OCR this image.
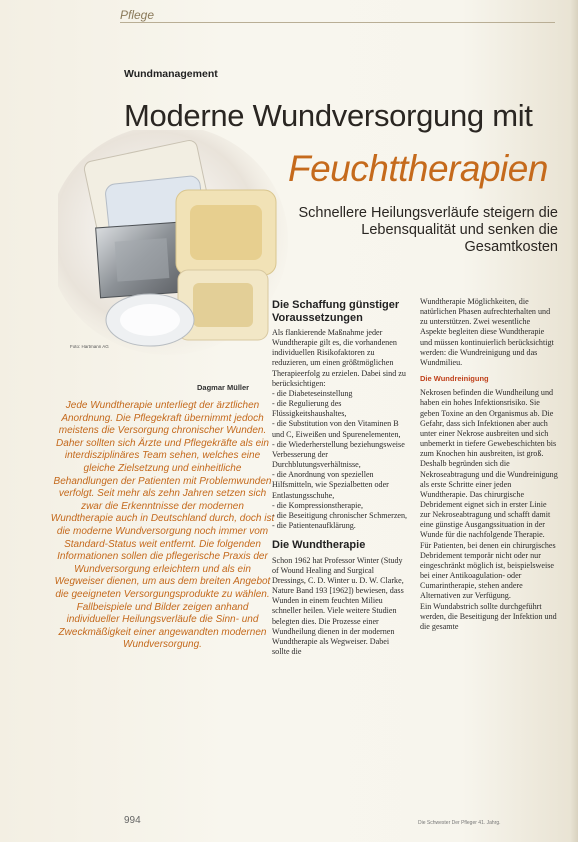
Pflege
Wundmanagement
Moderne Wundversorgung mit
Feuchttherapien
Schnellere Heilungsverläufe steigern die Lebensqualität und senken die Gesamtkosten
Foto: Hartmann AG
Dagmar Müller
Jede Wundtherapie unterliegt der ärztlichen Anordnung. Die Pflegekraft übernimmt jedoch meistens die Versorgung chronischer Wunden. Daher sollten sich Ärzte und Pflegekräfte als ein interdisziplinäres Team sehen, welches eine gleiche Zielsetzung und einheitliche Behandlungen der Patienten mit Problemwunden verfolgt. Seit mehr als zehn Jahren setzen sich zwar die Erkenntnisse der modernen Wundtherapie auch in Deutschland durch, doch ist die moderne Wundversorgung noch immer vom Standard-Status weit entfernt. Die folgenden Informationen sollen die pflegerische Praxis der Wundversorgung erleichtern und als ein Wegweiser dienen, um aus dem breiten Angebot die geeigneten Versorgungsprodukte zu wählen. Fallbeispiele und Bilder zeigen anhand individueller Heilungsverläufe die Sinn- und Zweckmäßigkeit einer angewandten modernen Wundversorgung.
Die Schaffung günstiger Voraussetzungen

Als flankierende Maßnahme jeder Wundtherapie gilt es, die vorhandenen individuellen Risikofaktoren zu reduzieren, um einen größtmöglichen Therapieerfolg zu erzielen. Dabei sind zu berücksichtigen:

- die Diabeteseinstellung
- die Regulierung des Flüssigkeitshaushaltes,
- die Substitution von den Vitaminen B und C, Eiweißen und Spurenelementen,
- die Wiederherstellung beziehungsweise Verbesserung der Durchblutungsverhältnisse,
- die Anordnung von speziellen Hilfsmitteln, wie Spezialbetten oder Entlastungsschuhe,
- die Kompressionstherapie,
- die Beseitigung chronischer Schmerzen,
- die Patientenaufklärung.
Die Wundtherapie

Schon 1962 hat Professor Winter (Study of Wound Healing and Surgical Dressings, C. D. Winter u. D. W. Clarke, Nature Band 193 [1962]) bewiesen, dass Wunden in einem feuchten Milieu schneller heilen. Viele weitere Studien belegten dies. Die Prozesse einer Wundheilung dienen in der modernen Wundtherapie als Wegweiser. Dabei sollte die

Wundtherapie Möglichkeiten, die natürlichen Phasen aufrechterhalten und zu unterstützen. Zwei wesentliche Aspekte begleiten diese Wundtherapie und müssen kontinuierlich berücksichtigt werden: die Wundreinigung und das Wundmilieu.

Die Wundreinigung

Nekrosen befinden die Wundheilung und haben ein hohes Infektionsrisiko. Sie geben Toxine an den Organismus ab. Die Gefahr, dass sich Infektionen aber auch unter einer Nekrose ausbreiten und sich unbemerkt in tiefere Gewebeschichten bis zum Knochen hin ausbreiten, ist groß. Deshalb begründen sich die Nekroseabtragung und die Wundreinigung als erste Schritte einer jeden Wundtherapie. Das chirurgische Debridement eignet sich in erster Linie zur Nekroseabtragung und schafft damit eine günstige Ausgangssituation in der Wunde für die nachfolgende Therapie.

Für Patienten, bei denen ein chirurgisches Debridement temporär nicht oder nur eingeschränkt möglich ist, beispielsweise bei einer Antikoagulation- oder Cumarintherapie, stehen andere Alternativen zur Verfügung.

Ein Wundabstrich sollte durchgeführt werden, die Beseitigung der Infektion und die gesamte

994	Die Schwester Der Pfleger 41. Jahrg.
